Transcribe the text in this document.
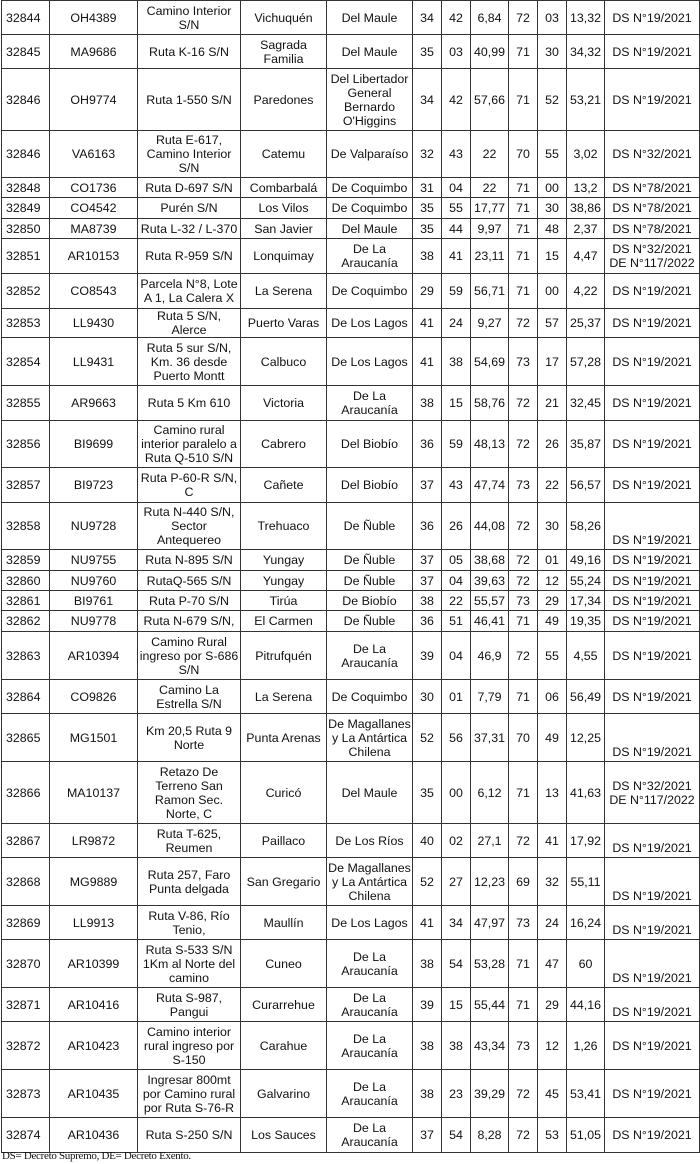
32844	OH4389	Camino Interior S/N	Vichuquén	Del Maule	34	42	6,84	72	03	13,32	DS N°19/2021
32845	MA9686	Ruta K-16 S/N	Sagrada Familia	Del Maule	35	03	40,99	71	30	34,32	DS N°19/2021
32846	OH9774	Ruta 1-550 S/N	Paredones	Del Libertador General Bernardo O'Higgins	34	42	57,66	71	52	53,21	DS N°19/2021
32846	VA6163	Ruta E-617, Camino Interior S/N	Catemu	De Valparaíso	32	43	22	70	55	3,02	DS N°32/2021
32848	CO1736	Ruta D-697 S/N	Combarbalá	De Coquimbo	31	04	22	71	00	13,2	DS N°78/2021
32849	CO4542	Purén S/N	Los Vilos	De Coquimbo	35	55	17,77	71	30	38,86	DS N°78/2021
32850	MA8739	Ruta L-32 / L-370	San Javier	Del Maule	35	44	9,97	71	48	2,37	DS N°78/2021
32851	AR10153	Ruta R-959 S/N	Lonquimay	De La Araucanía	38	41	23,11	71	15	4,47	DS N°32/2021 DE N°117/2022
32852	CO8543	Parcela N°8, Lote A 1, La Calera X	La Serena	De Coquimbo	29	59	56,71	71	00	4,22	DS N°19/2021
32853	LL9430	Ruta 5 S/N, Alerce	Puerto Varas	De Los Lagos	41	24	9,27	72	57	25,37	DS N°19/2021
32854	LL9431	Ruta 5 sur S/N, Km. 36 desde Puerto Montt	Calbuco	De Los Lagos	41	38	54,69	73	17	57,28	DS N°19/2021
32855	AR9663	Ruta 5 Km 610	Victoria	De La Araucanía	38	15	58,76	72	21	32,45	DS N°19/2021
32856	BI9699	Camino rural interior paralelo a Ruta Q-510 S/N	Cabrero	Del Biobío	36	59	48,13	72	26	35,87	DS N°19/2021
32857	BI9723	Ruta P-60-R S/N, C	Cañete	Del Biobío	37	43	47,74	73	22	56,57	DS N°19/2021
32858	NU9728	Ruta N-440 S/N, Sector Antequereo	Trehuaco	De Ñuble	36	26	44,08	72	30	58,26	DS N°19/2021
32859	NU9755	Ruta N-895 S/N	Yungay	De Ñuble	37	05	38,68	72	01	49,16	DS N°19/2021
32860	NU9760	RutaQ-565 S/N	Yungay	De Ñuble	37	04	39,63	72	12	55,24	DS N°19/2021
32861	BI9761	Ruta P-70 S/N	Tirúa	De Biobío	38	22	55,57	73	29	17,34	DS N°19/2021
32862	NU9778	Ruta N-679 S/N,	El Carmen	De Ñuble	36	51	46,41	71	49	19,35	DS N°19/2021
32863	AR10394	Camino Rural ingreso por S-686 S/N	Pitrufquén	De La Araucanía	39	04	46,9	72	55	4,55	DS N°19/2021
32864	CO9826	Camino La Estrella S/N	La Serena	De Coquimbo	30	01	7,79	71	06	56,49	DS N°19/2021
32865	MG1501	Km 20,5 Ruta 9 Norte	Punta Arenas	De Magallanes y La Antártica Chilena	52	56	37,31	70	49	12,25	DS N°19/2021
32866	MA10137	Retazo De Terreno San Ramon Sec. Norte, C	Curicó	Del Maule	35	00	6,12	71	13	41,63	DS N°32/2021 DE N°117/2022
32867	LR9872	Ruta T-625, Reumen	Paillaco	De Los Ríos	40	02	27,1	72	41	17,92	DS N°19/2021
32868	MG9889	Ruta 257, Faro Punta delgada	San Gregario	De Magallanes y La Antártica Chilena	52	27	12,23	69	32	55,11	DS N°19/2021
32869	LL9913	Ruta V-86, Río Tenio,	Maullín	De Los Lagos	41	34	47,97	73	24	16,24	DS N°19/2021
32870	AR10399	Ruta S-533 S/N 1Km al Norte del camino	Cuneo	De La Araucanía	38	54	53,28	71	47	60	DS N°19/2021
32871	AR10416	Ruta S-987, Pangui	Curarrehue	De La Araucanía	39	15	55,44	71	29	44,16	DS N°19/2021
32872	AR10423	Camino interior rural ingreso por S-150	Carahue	De La Araucanía	38	38	43,34	73	12	1,26	DS N°19/2021
32873	AR10435	Ingresar 800mt por Camino rural por Ruta S-76-R	Galvarino	De La Araucanía	38	23	39,29	72	45	53,41	DS N°19/2021
32874	AR10436	Ruta S-250 S/N	Los Sauces	De La Araucanía	37	54	8,28	72	53	51,05	DS N°19/2021
DS= Decreto Supremo, DE= Decreto Exento.
